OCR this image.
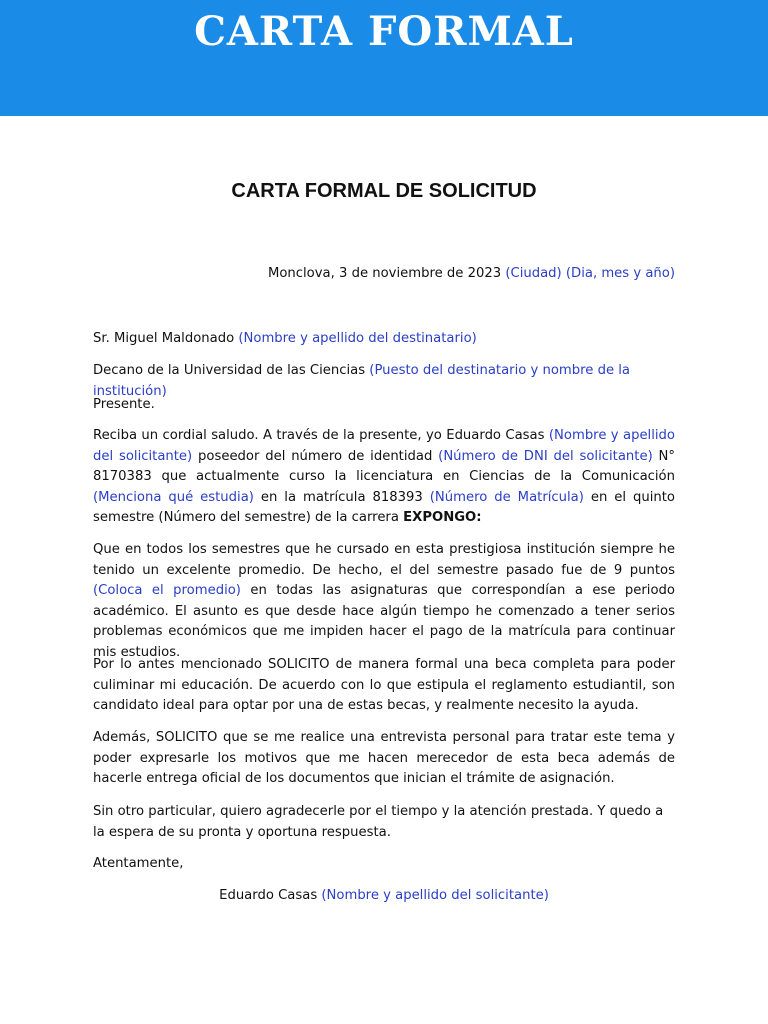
CARTA FORMAL
CARTA FORMAL DE SOLICITUD

Monclova, 3 de noviembre de 2023 (Ciudad) (Dia, mes y año)

Sr. Miguel Maldonado (Nombre y apellido del destinatario)

Decano de la Universidad de las Ciencias (Puesto del destinatario y nombre de la institución)

Presente.

Reciba un cordial saludo. A través de la presente, yo Eduardo Casas (Nombre y apellido del solicitante) poseedor del número de identidad (Número de DNI del solicitante) N° 8170383 que actualmente curso la licenciatura en Ciencias de la Comunicación (Menciona qué estudia) en la matrícula 818393 (Número de Matrícula) en el quinto semestre (Número del semestre) de la carrera EXPONGO:

Que en todos los semestres que he cursado en esta prestigiosa institución siempre he tenido un excelente promedio. De hecho, el del semestre pasado fue de 9 puntos (Coloca el promedio) en todas las asignaturas que correspondían a ese periodo académico. El asunto es que desde hace algún tiempo he comenzado a tener serios problemas económicos que me impiden hacer el pago de la matrícula para continuar mis estudios.

Por lo antes mencionado SOLICITO de manera formal una beca completa para poder culiminar mi educación. De acuerdo con lo que estipula el reglamento estudiantil, son candidato ideal para optar por una de estas becas, y realmente necesito la ayuda.

Además, SOLICITO que se me realice una entrevista personal para tratar este tema y poder expresarle los motivos que me hacen merecedor de esta beca además de hacerle entrega oficial de los documentos que inician el trámite de asignación.

Sin otro particular, quiero agradecerle por el tiempo y la atención prestada. Y quedo a la espera de su pronta y oportuna respuesta.

Atentamente,

Eduardo Casas (Nombre y apellido del solicitante)
